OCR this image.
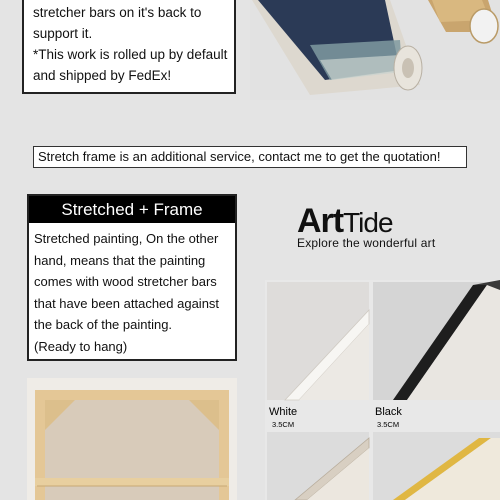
stretcher bars on it's back to

support it.

*This work is rolled up by default

and shipped by FedEx!

Stretch frame is an additional service, contact me to get the quotation!
Stretched + Frame

Stretched painting, On the other

hand, means that the painting

comes with wood stretcher bars

that have been attached against

the back of the painting.

(Ready to hang)

ArtTide
Explore the wonderful art
White
3.5CM
Black
3.5CM
